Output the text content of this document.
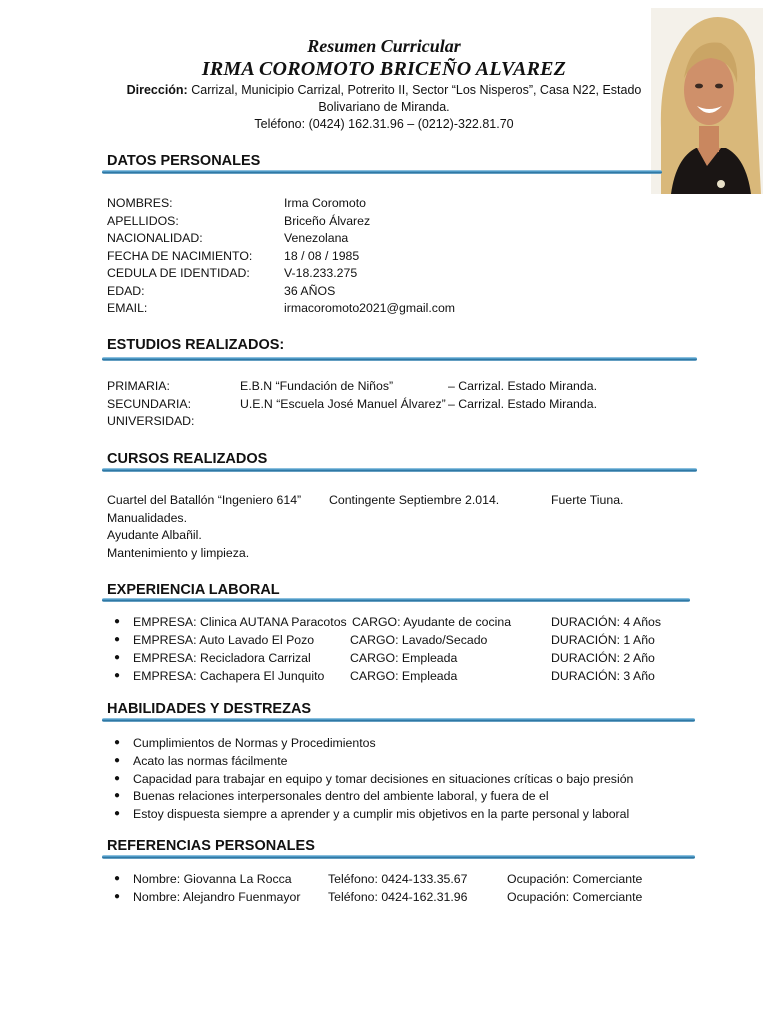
Resumen Curricular
IRMA COROMOTO BRICEÑO ALVAREZ
Dirección: Carrizal, Municipio Carrizal, Potrerito II, Sector “Los Nisperos”, Casa N22, Estado Bolivariano de Miranda.
Teléfono: (0424) 162.31.96 – (0212)-322.81.70
DATOS PERSONALES
NOMBRES:	Irma Coromoto
APELLIDOS:	Briceño Álvarez
NACIONALIDAD:	Venezolana
FECHA DE NACIMIENTO:	18 / 08 / 1985
CEDULA DE IDENTIDAD:	V-18.233.275
EDAD:	36 AÑOS
EMAIL:	irmacoromoto2021@gmail.com
ESTUDIOS REALIZADOS:
PRIMARIA:	E.B.N “Fundación de Niños”	– Carrizal. Estado Miranda.
SECUNDARIA:	U.E.N “Escuela José Manuel Álvarez” – Carrizal. Estado Miranda.
UNIVERSIDAD:
CURSOS REALIZADOS
Cuartel del Batallón “Ingeniero 614” Contingente Septiembre 2.014.	Fuerte Tiuna.
Manualidades.
Ayudante Albañil.
Mantenimiento y limpieza.
EXPERIENCIA LABORAL
● EMPRESA: Clinica AUTANA Paracotos CARGO: Ayudante de cocina	DURACIÓN: 4 Años
● EMPRESA: Auto Lavado El Pozo	CARGO: Lavado/Secado	DURACIÓN: 1 Año
● EMPRESA: Recicladora Carrizal	CARGO: Empleada	DURACIÓN: 2 Año
● EMPRESA: Cachapera El Junquito CARGO: Empleada	DURACIÓN: 3 Año
HABILIDADES Y DESTREZAS
● Cumplimientos de Normas y Procedimientos
● Acato las normas fácilmente
● Capacidad para trabajar en equipo y tomar decisiones en situaciones críticas o bajo presión
● Buenas relaciones interpersonales dentro del ambiente laboral, y fuera de el
● Estoy dispuesta siempre a aprender y a cumplir mis objetivos en la parte personal y laboral
REFERENCIAS PERSONALES
● Nombre: Giovanna La Rocca	Teléfono: 0424-133.35.67	Ocupación: Comerciante
● Nombre: Alejandro Fuenmayor Teléfono: 0424-162.31.96	Ocupación: Comerciante
